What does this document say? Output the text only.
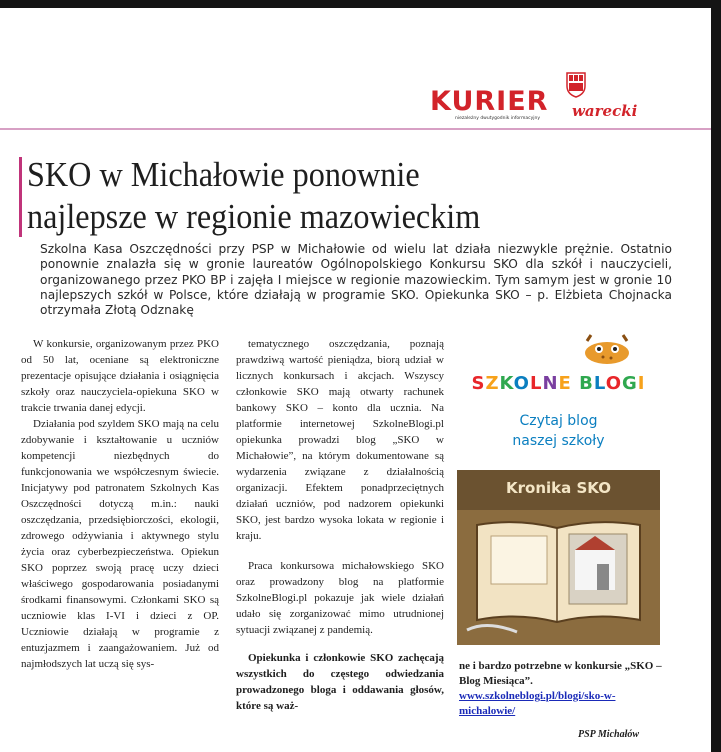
KURIER warecki
niezależny dwutygodnik informacyjny
SKO w Michałowie ponownie
najlepsze w regionie mazowieckim

Szkolna Kasa Oszczędności przy PSP w Michałowie od wielu lat działa niezwykle prężnie. Ostatnio ponownie znalazła się w gronie laureatów Ogólnopolskiego Konkursu SKO dla szkół i nauczycieli, organizowanego przez PKO BP i zajęła I miejsce w regionie mazowieckim. Tym samym jest w gronie 10 najlepszych szkół w Polsce, które działają w programie SKO. Opiekunka SKO – p. Elżbieta Chojnacka otrzymała Złotą Odznakę

W konkursie, organizowanym przez PKO od 50 lat, oceniane są elektroniczne prezentacje opisujące działania i osiągnięcia szkoły oraz nauczyciela-opiekuna SKO w trakcie trwania danej edycji.

Działania pod szyldem SKO mają na celu zdobywanie i kształtowanie u uczniów kompetencji niezbędnych do funkcjonowania we współczesnym świecie. Inicjatywy pod patronatem Szkolnych Kas Oszczędności dotyczą m.in.: nauki oszczędzania, przedsiębiorczości, ekologii, zdrowego odżywiania i aktywnego stylu życia oraz cyberbezpieczeństwa. Opiekun SKO poprzez swoją pracę uczy dzieci właściwego gospodarowania posiadanymi środkami finansowymi. Członkami SKO są uczniowie klas I-VI i dzieci z OP. Uczniowie działają w programie z entuzjazmem i zaangażowaniem. Już od najmłodszych lat uczą się sys-

tematycznego oszczędzania, poznają prawdziwą wartość pieniądza, biorą udział w licznych konkursach i akcjach. Wszyscy członkowie SKO mają otwarty rachunek bankowy SKO – konto dla ucznia. Na platformie internetowej SzkolneBlogi.pl opiekunka prowadzi blog „SKO w Michałowie”, na którym dokumentowane są wydarzenia związane z działalnością organizacji. Efektem ponadprzeciętnych działań uczniów, pod nadzorem opiekunki SKO, jest bardzo wysoka lokata w regionie i kraju.

Praca konkursowa michałowskiego SKO oraz prowadzony blog na platformie SzkolneBlogi.pl pokazuje jak wiele działań udało się zorganizować mimo utrudnionej sytuacji związanej z pandemią.

Opiekunka i członkowie SKO zachęcają wszystkich do częstego odwiedzania prowadzonego bloga i oddawania głosów, które są waż-

SZKOLNE BLOGI
Czytaj blog
naszej szkoły
Kronika SKO
ne i bardzo potrzebne w konkursie „SKO – Blog Miesiąca”.
www.szkolneblogi.pl/blogi/sko-w-michalowie/
PSP Michałów
